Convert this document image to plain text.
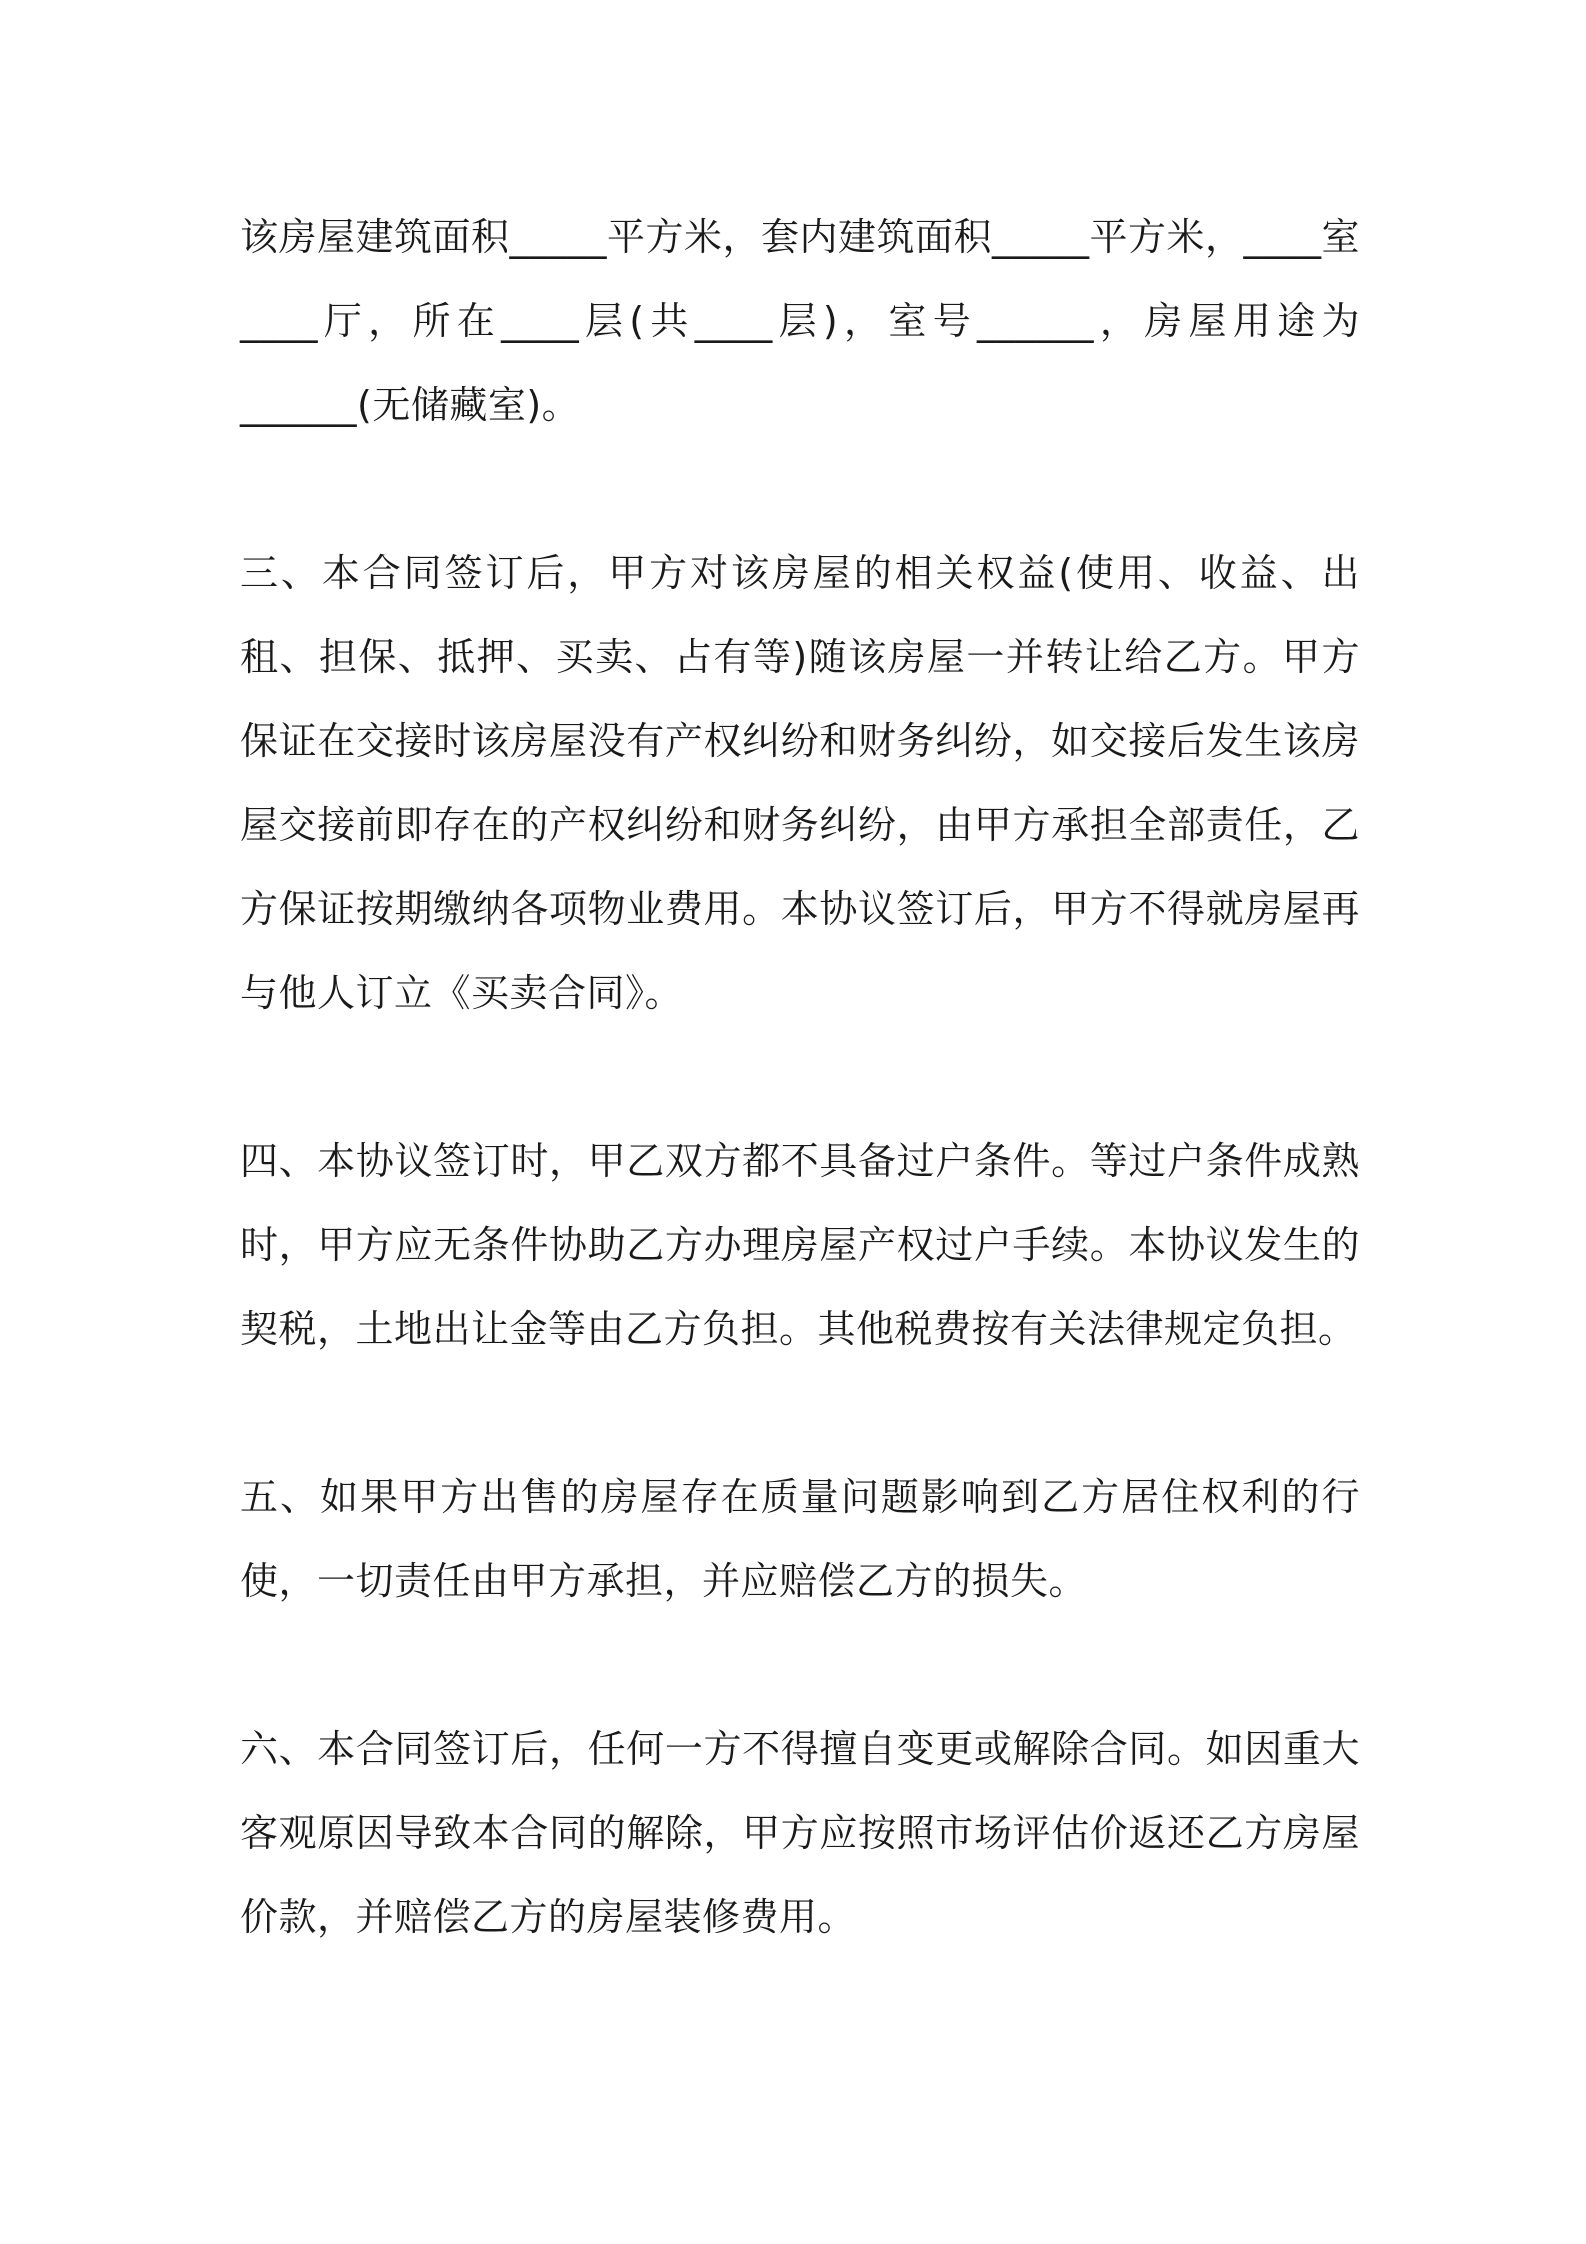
该房屋建筑面积_____平方米，套内建筑面积_____平方米，____室____厅，所在____层(共____层)，室号______，房屋用途为______(无储藏室)。

三、本合同签订后，甲方对该房屋的相关权益(使用、收益、出租、担保、抵押、买卖、占有等)随该房屋一并转让给乙方。甲方保证在交接时该房屋没有产权纠纷和财务纠纷，如交接后发生该房屋交接前即存在的产权纠纷和财务纠纷，由甲方承担全部责任，乙方保证按期缴纳各项物业费用。本协议签订后，甲方不得就房屋再与他人订立《买卖合同》。

四、本协议签订时，甲乙双方都不具备过户条件。等过户条件成熟时，甲方应无条件协助乙方办理房屋产权过户手续。本协议发生的契税，土地出让金等由乙方负担。其他税费按有关法律规定负担。

五、如果甲方出售的房屋存在质量问题影响到乙方居住权利的行使，一切责任由甲方承担，并应赔偿乙方的损失。

六、本合同签订后，任何一方不得擅自变更或解除合同。如因重大客观原因导致本合同的解除，甲方应按照市场评估价返还乙方房屋价款，并赔偿乙方的房屋装修费用。
